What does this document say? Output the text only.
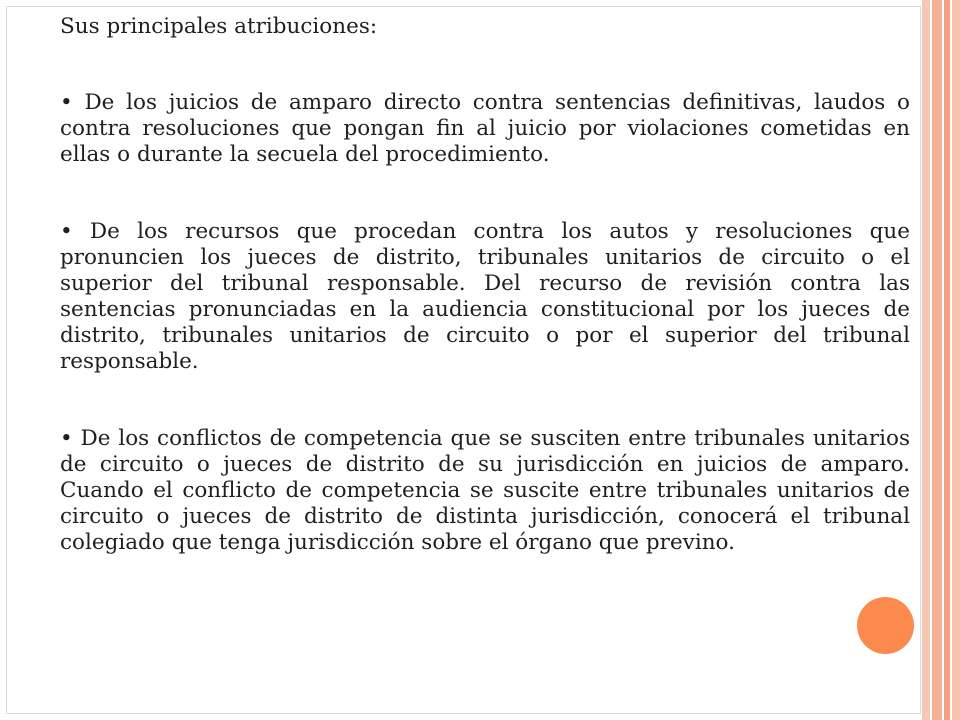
Sus principales atribuciones:

• De los juicios de amparo directo contra sentencias definitivas, laudos o contra resoluciones que pongan fin al juicio por violaciones cometidas en ellas o durante la secuela del procedimiento.

• De los recursos que procedan contra los autos y resoluciones que pronuncien los jueces de distrito, tribunales unitarios de circuito o el superior del tribunal responsable. Del recurso de revisión contra las sentencias pronunciadas en la audiencia constitucional por los jueces de distrito, tribunales unitarios de circuito o por el superior del tribunal responsable.

• De los conflictos de competencia que se susciten entre tribunales unitarios de circuito o jueces de distrito de su jurisdicción en juicios de amparo. Cuando el conflicto de competencia se suscite entre tribunales unitarios de circuito o jueces de distrito de distinta jurisdicción, conocerá el tribunal colegiado que tenga jurisdicción sobre el órgano que previno.
